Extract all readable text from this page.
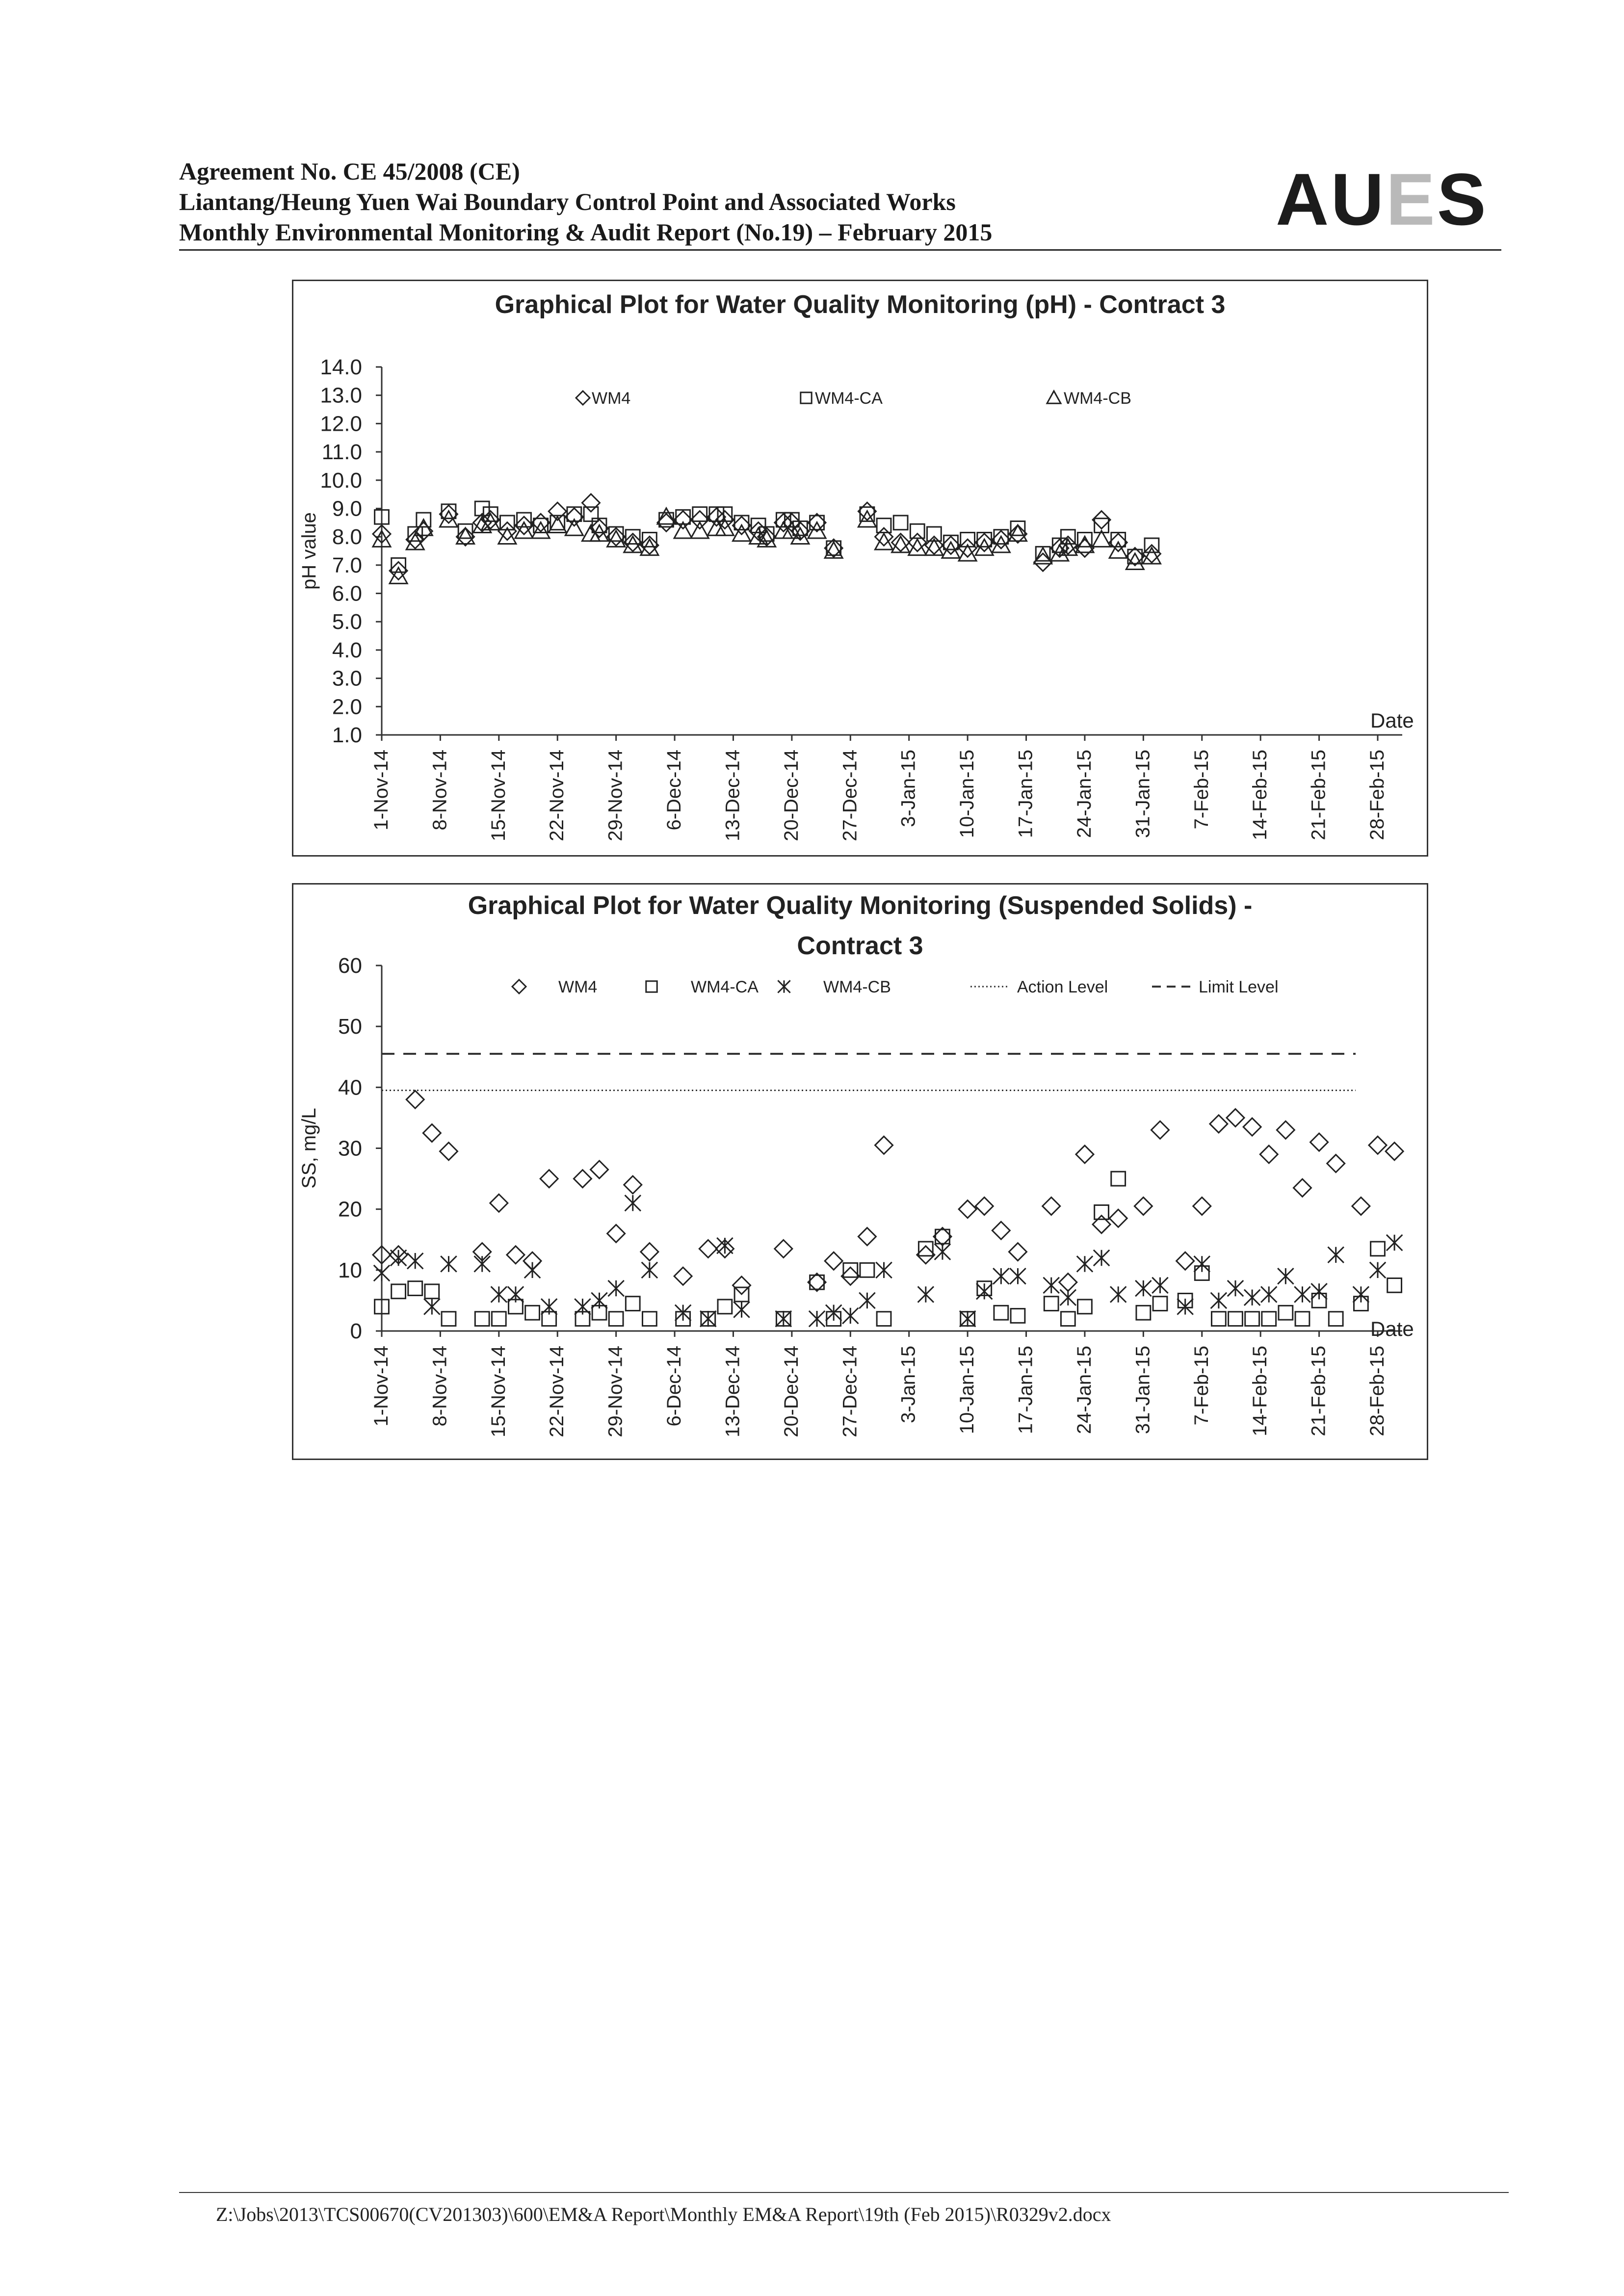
Agreement No. CE 45/2008 (CE)
Liantang/Heung Yuen Wai Boundary Control Point and Associated Works
Monthly Environmental Monitoring & Audit Report (No.19) – February 2015	AUES
Graphical Plot for Water Quality Monitoring (pH) - Contract 3
1.0
2.0
3.0
4.0
5.0
6.0
7.0
8.0
9.0
10.0
11.0
12.0
13.0
14.0
1-Nov-14 8-Nov-14 15-Nov-14 22-Nov-14 29-Nov-14 6-Dec-14 13-Dec-14 20-Dec-14 27-Dec-14 3-Jan-15 10-Jan-15 17-Jan-15 24-Jan-15 31-Jan-15 7-Feb-15 14-Feb-15 21-Feb-15 28-Feb-15
pH value
Date
WM4	WM4-CA	WM4-CB
Graphical Plot for Water Quality Monitoring (Suspended Solids) -
Contract 3
0
10
20
30
40
50
60
1-Nov-14 8-Nov-14 15-Nov-14 22-Nov-14 29-Nov-14 6-Dec-14 13-Dec-14 20-Dec-14 27-Dec-14 3-Jan-15 10-Jan-15 17-Jan-15 24-Jan-15 31-Jan-15 7-Feb-15 14-Feb-15 21-Feb-15 28-Feb-15
SS, mg/L
Date
WM4	WM4-CA	WM4-CB	Action Level	Limit Level
Z:\Jobs\2013\TCS00670(CV201303)\600\EM&A Report\Monthly EM&A Report\19th (Feb 2015)\R0329v2.docx
